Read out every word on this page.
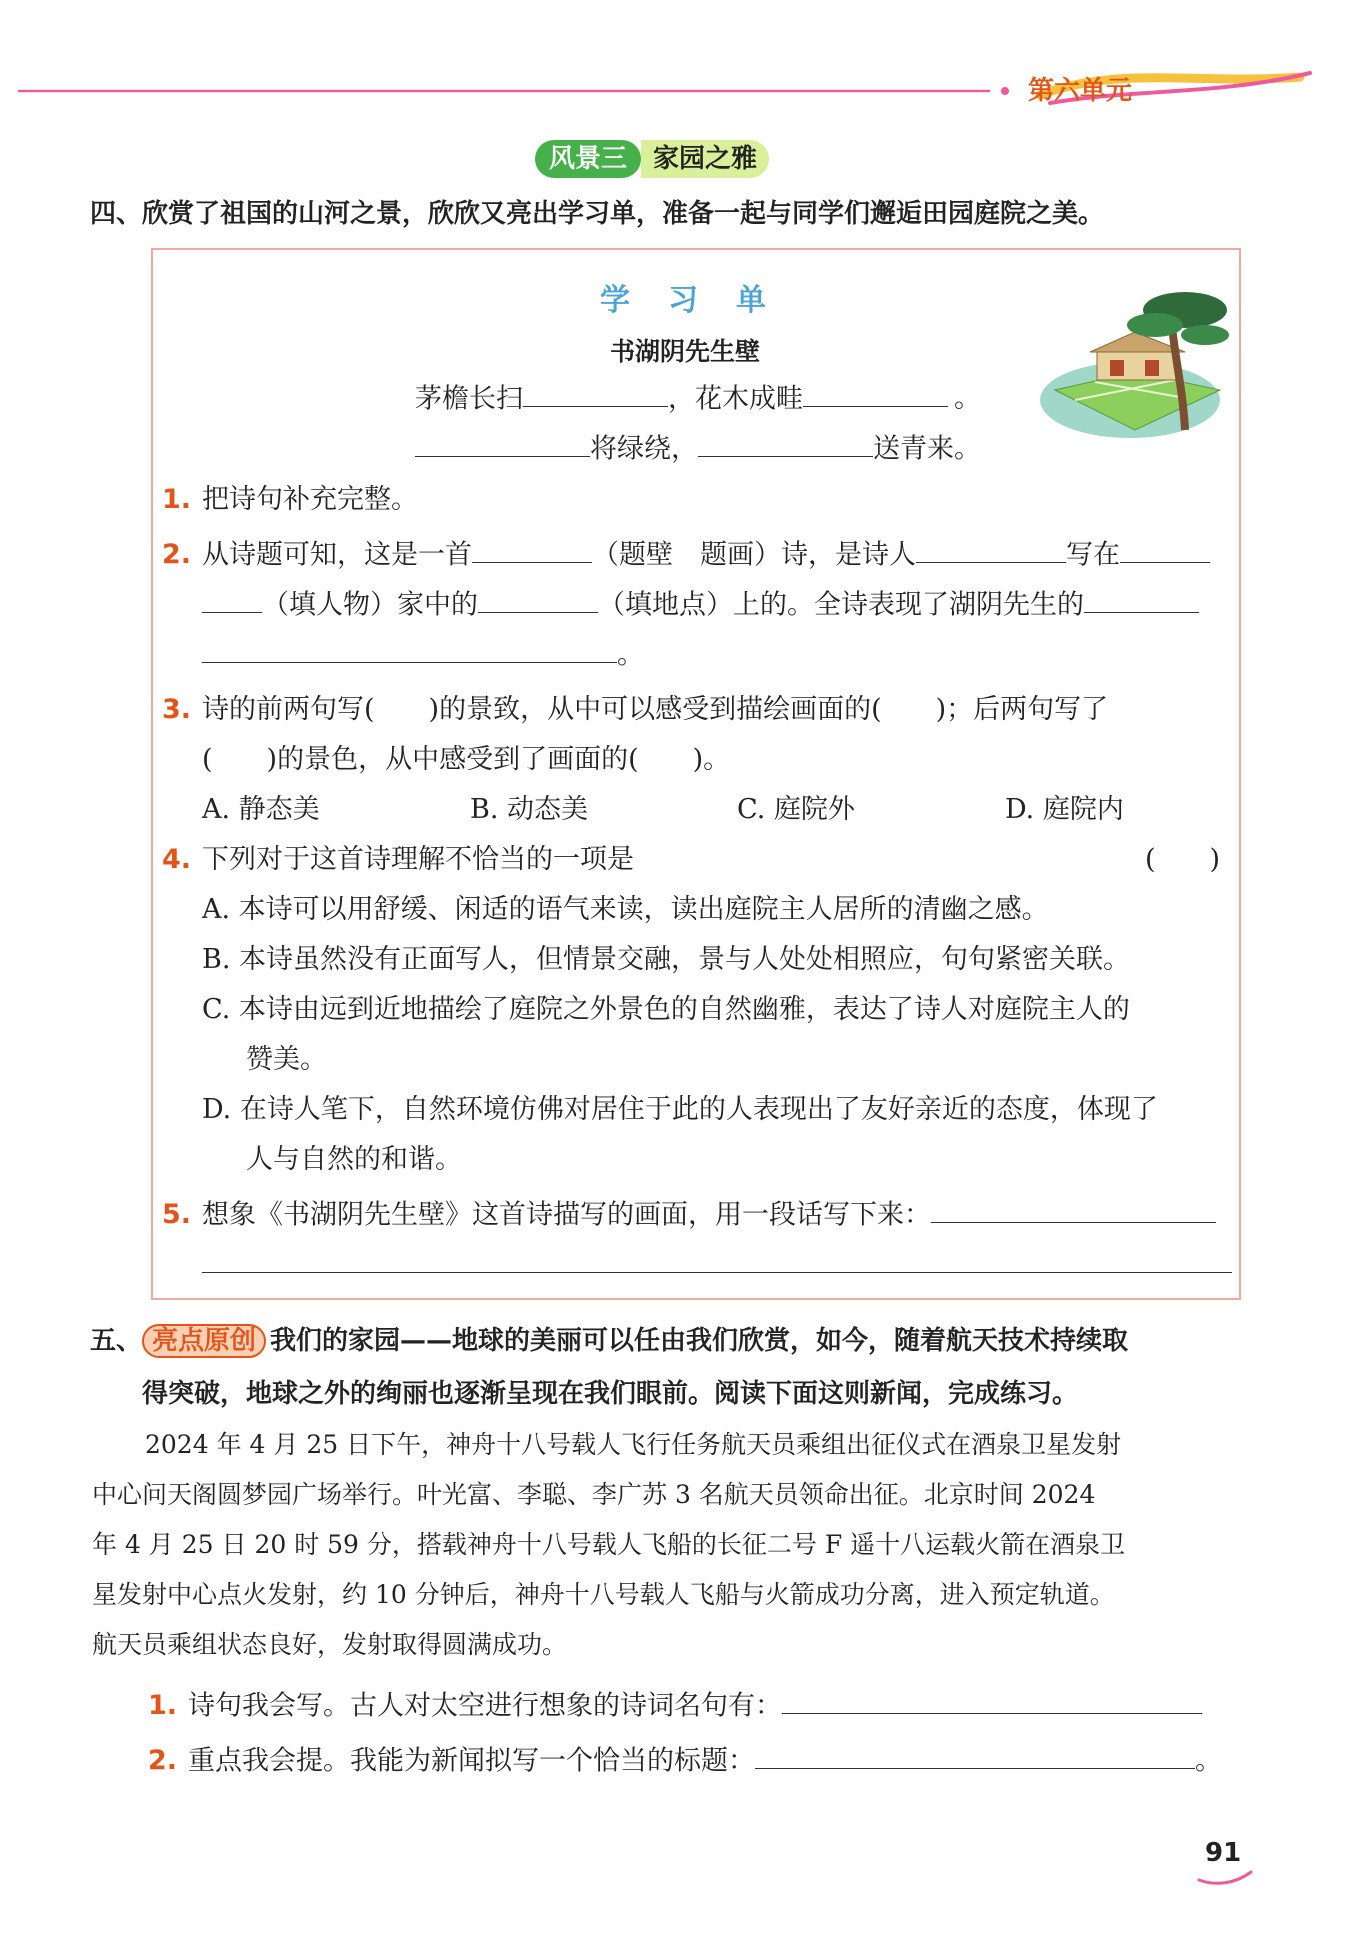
第六单元
风景三	家园之雅
四、欣赏了祖国的山河之景，欣欣又亮出学习单，准备一起与同学们邂逅田园庭院之美。
学　习　单
书湖阴先生壁
茅檐长扫	，花木成畦	。
将绿绕，	送青来。
1. 把诗句补充完整。
2. 从诗题可知，这是一首	（题壁　题画）诗，是诗人	写在
（填人物）家中的	（填地点）上的。全诗表现了湖阴先生的
。
3. 诗的前两句写(　　)的景致，从中可以感受到描绘画面的(　　)；后两句写了
(　　)的景色，从中感受到了画面的(　　)。
A. 静态美	B. 动态美	C. 庭院外	D. 庭院内
4. 下列对于这首诗理解不恰当的一项是	(　　)
A. 本诗可以用舒缓、闲适的语气来读，读出庭院主人居所的清幽之感。
B. 本诗虽然没有正面写人，但情景交融，景与人处处相照应，句句紧密关联。
C. 本诗由远到近地描绘了庭院之外景色的自然幽雅，表达了诗人对庭院主人的
赞美。
D. 在诗人笔下，自然环境仿佛对居住于此的人表现出了友好亲近的态度，体现了
人与自然的和谐。
5. 想象《书湖阴先生壁》这首诗描写的画面，用一段话写下来：
五、 亮点原创 我们的家园——地球的美丽可以任由我们欣赏，如今，随着航天技术持续取
得突破，地球之外的绚丽也逐渐呈现在我们眼前。阅读下面这则新闻，完成练习。
2024 年 4 月 25 日下午，神舟十八号载人飞行任务航天员乘组出征仪式在酒泉卫星发射
中心问天阁圆梦园广场举行。叶光富、李聪、李广苏 3 名航天员领命出征。北京时间 2024
年 4 月 25 日 20 时 59 分，搭载神舟十八号载人飞船的长征二号 F 遥十八运载火箭在酒泉卫
星发射中心点火发射，约 10 分钟后，神舟十八号载人飞船与火箭成功分离，进入预定轨道。
航天员乘组状态良好，发射取得圆满成功。
1. 诗句我会写。古人对太空进行想象的诗词名句有：
2. 重点我会提。我能为新闻拟写一个恰当的标题：	。
91
